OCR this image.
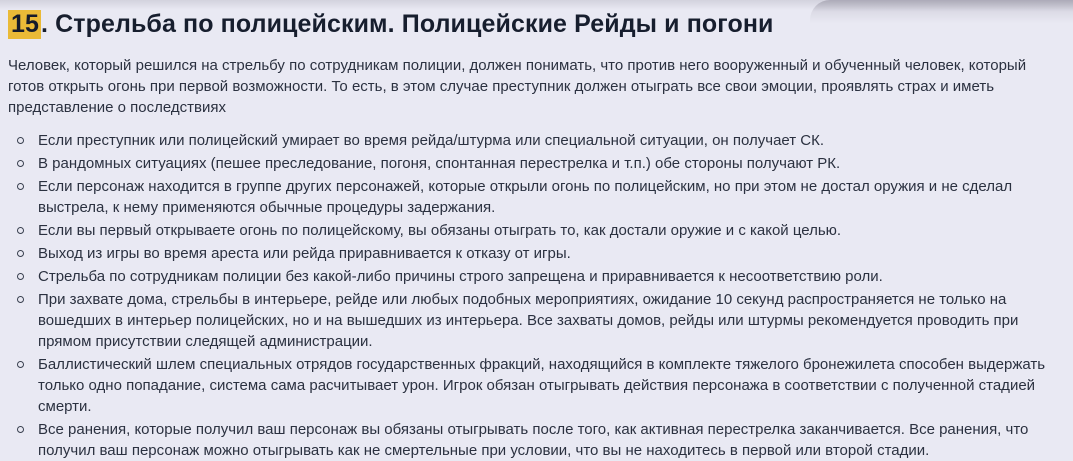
15. Стрельба по полицейским. Полицейские Рейды и погони

Человек, который решился на стрельбу по сотрудникам полиции, должен понимать, что против него вооруженный и обученный человек, который готов открыть огонь при первой возможности. То есть, в этом случае преступник должен отыграть все свои эмоции, проявлять страх и иметь представление о последствиях

Если преступник или полицейский умирает во время рейда/штурма или специальной ситуации, он получает СК.
В рандомных ситуациях (пешее преследование, погоня, спонтанная перестрелка и т.п.) обе стороны получают РК.
Если персонаж находится в группе других персонажей, которые открыли огонь по полицейским, но при этом не достал оружия и не сделал выстрела, к нему применяются обычные процедуры задержания.
Если вы первый открываете огонь по полицейскому, вы обязаны отыграть то, как достали оружие и с какой целью.
Выход из игры во время ареста или рейда приравнивается к отказу от игры.
Стрельба по сотрудникам полиции без какой-либо причины строго запрещена и приравнивается к несоответствию роли.
При захвате дома, стрельбы в интерьере, рейде или любых подобных мероприятиях, ожидание 10 секунд распространяется не только на вошедших в интерьер полицейских, но и на вышедших из интерьера. Все захваты домов, рейды или штурмы рекомендуется проводить при прямом присутствии следящей администрации.
Баллистический шлем специальных отрядов государственных фракций, находящийся в комплекте тяжелого бронежилета способен выдержать только одно попадание, система сама расчитывает урон. Игрок обязан отыгрывать действия персонажа в соответствии с полученной стадией смерти.
Все ранения, которые получил ваш персонаж вы обязаны отыгрывать после того, как активная перестрелка заканчивается. Все ранения, что получил ваш персонаж можно отыгрывать как не смертельные при условии, что вы не находитесь в первой или второй стадии.
